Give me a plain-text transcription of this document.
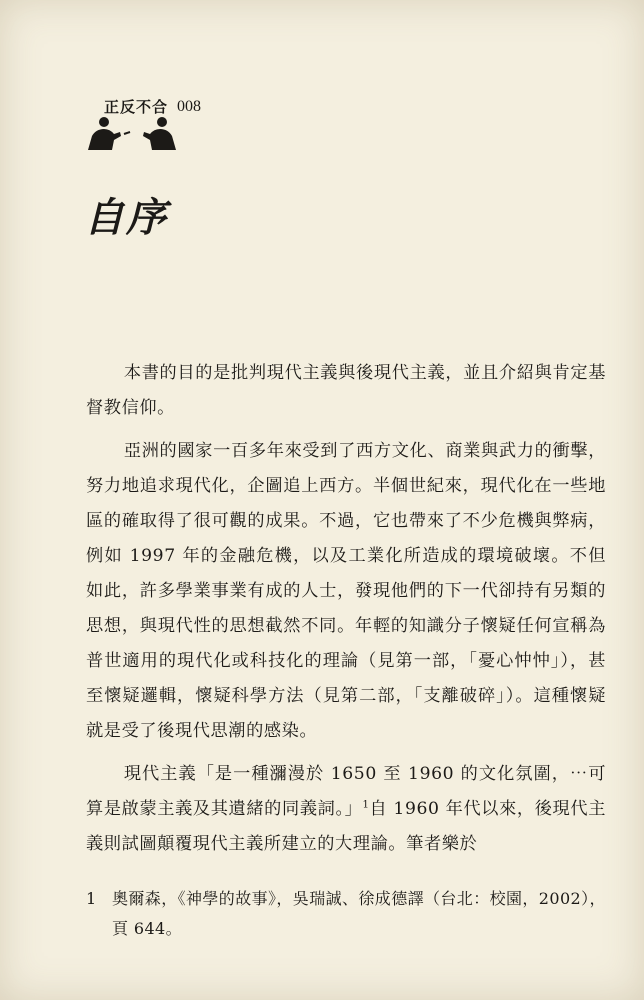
正反不合 008
自序

本書的目的是批判現代主義與後現代主義，並且介紹與肯定基督教信仰。

亞洲的國家一百多年來受到了西方文化、商業與武力的衝擊，努力地追求現代化，企圖追上西方。半個世紀來，現代化在一些地區的確取得了很可觀的成果。不過，它也帶來了不少危機與弊病，例如 1997 年的金融危機，以及工業化所造成的環境破壞。不但如此，許多學業事業有成的人士，發現他們的下一代卻持有另類的思想，與現代性的思想截然不同。年輕的知識分子懷疑任何宣稱為普世適用的現代化或科技化的理論（見第一部，「憂心忡忡」），甚至懷疑邏輯，懷疑科學方法（見第二部，「支離破碎」）。這種懷疑就是受了後現代思潮的感染。

現代主義「是一種瀰漫於 1650 至 1960 的文化氛圍，⋯可算是啟蒙主義及其遺緒的同義詞。」$^1$自 1960 年代以來，後現代主義則試圖顛覆現代主義所建立的大理論。筆者樂於

1 奧爾森，《神學的故事》，吳瑞誠、徐成德譯（台北：校園，2002），頁 644。
